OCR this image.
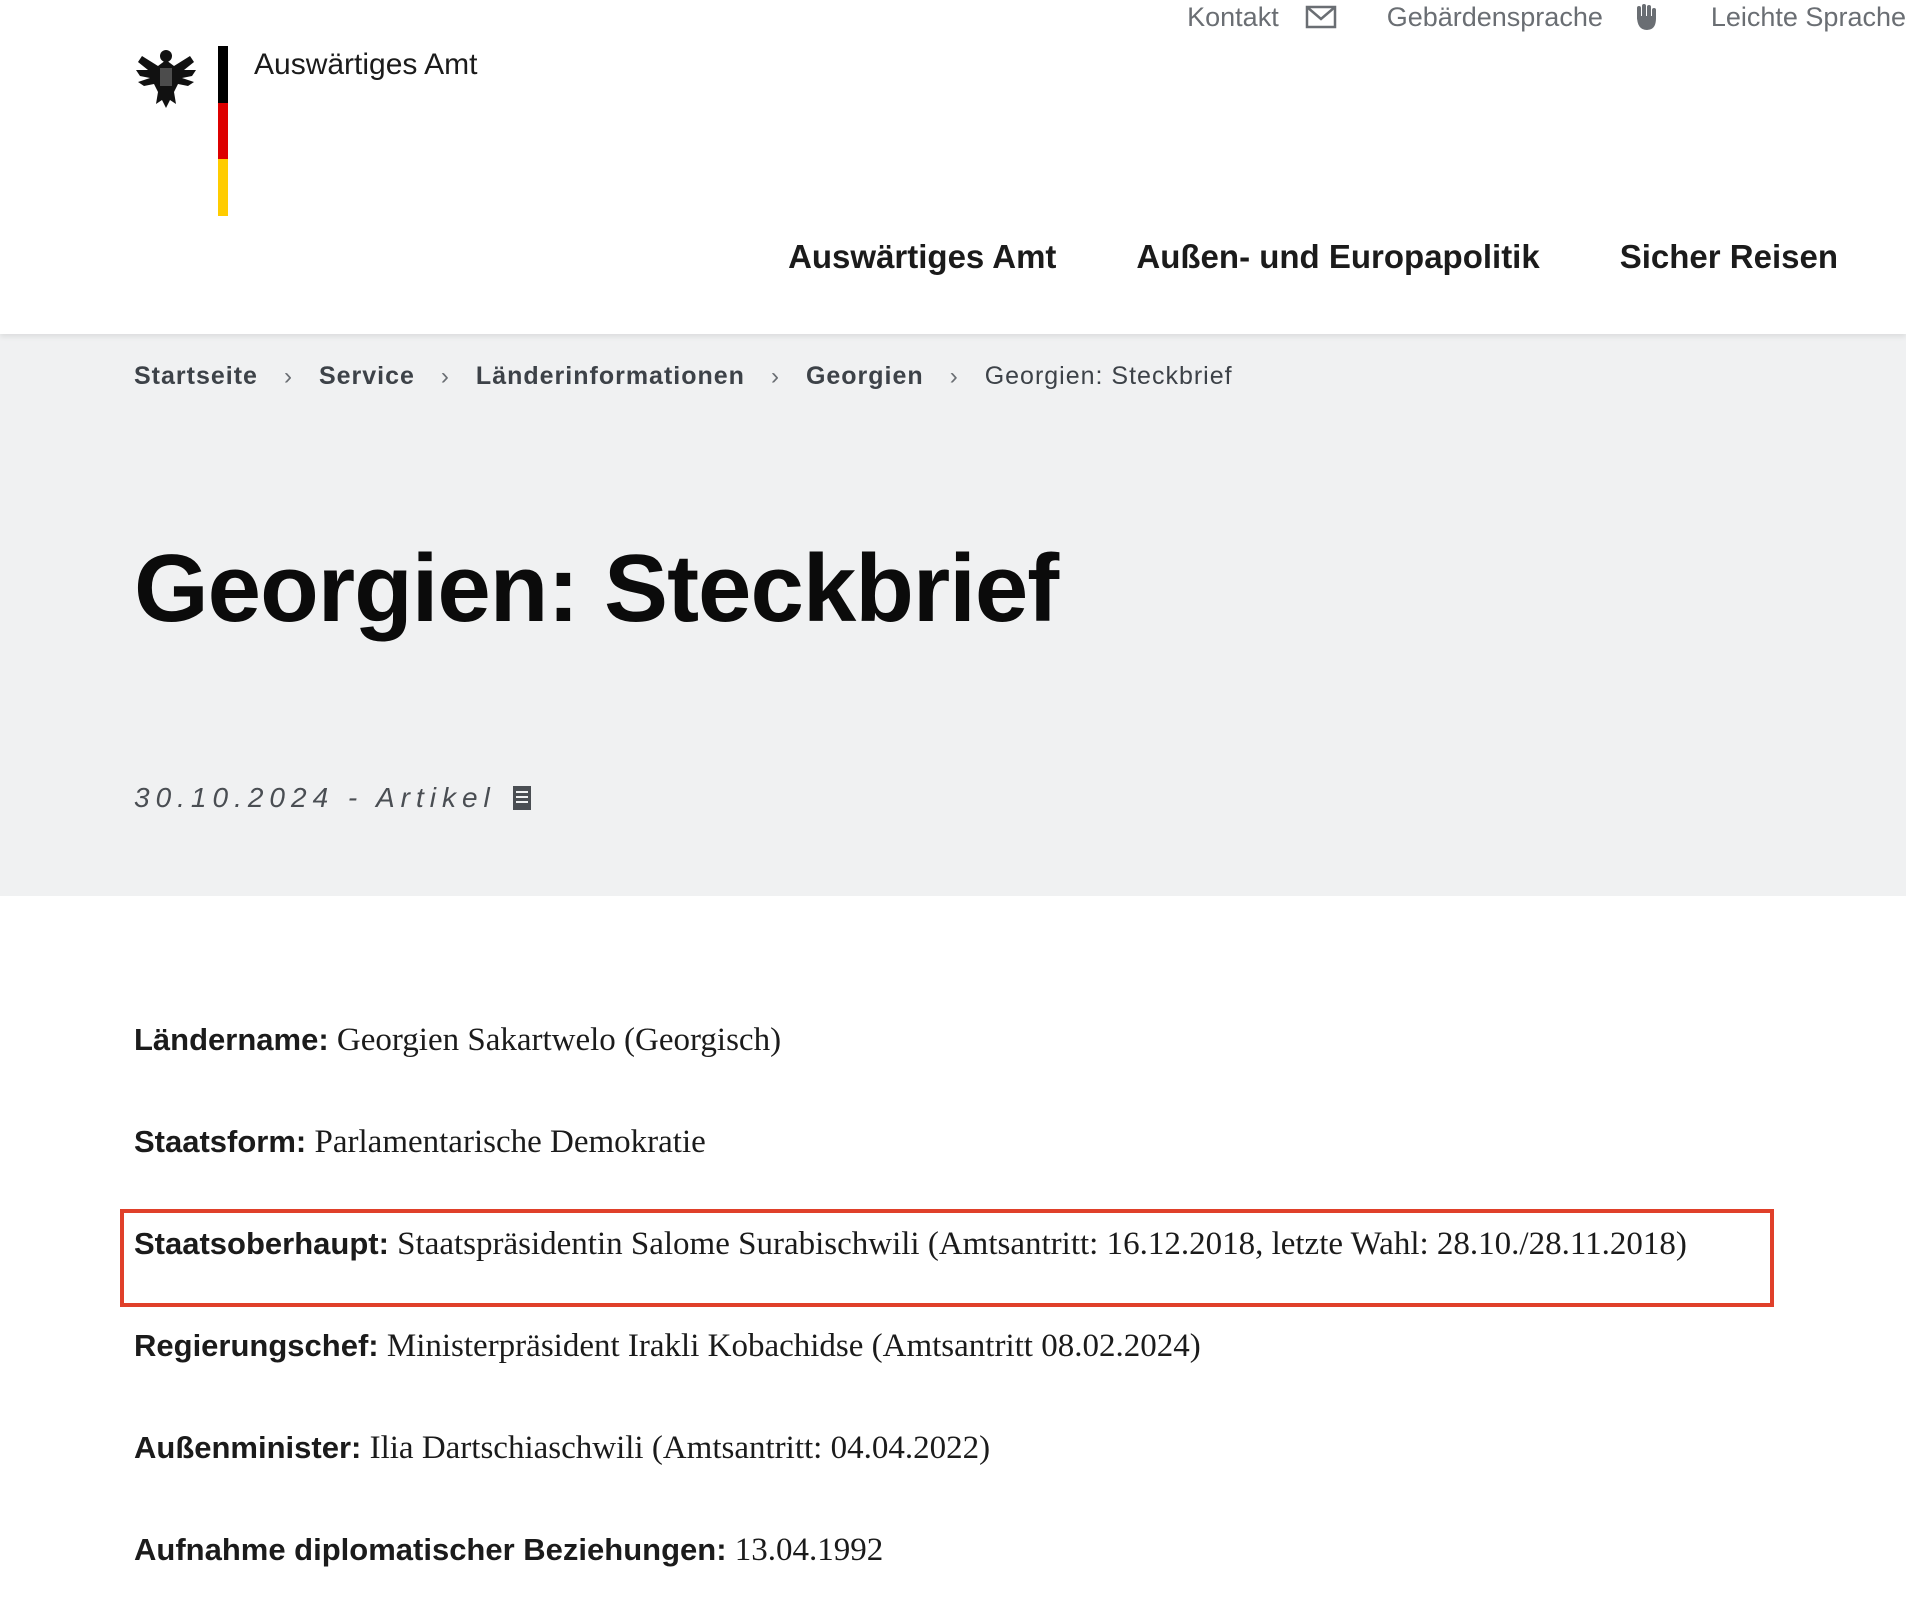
Kontakt	Gebärdensprache	Leichte Sprache
Auswärtiges Amt
Auswärtiges Amt Außen- und Europapolitik Sicher Reisen
Startseite › Service › Länderinformationen › Georgien › Georgien: Steckbrief
Georgien: Steckbrief
30.10.2024 - Artikel
Ländername: Georgien Sakartwelo (Georgisch)
Staatsform: Parlamentarische Demokratie
Staatsoberhaupt: Staatspräsidentin Salome Surabischwili (Amtsantritt: 16.12.2018, letzte Wahl: 28.10./28.11.2018)
Regierungschef: Ministerpräsident Irakli Kobachidse (Amtsantritt 08.02.2024)
Außenminister: Ilia Dartschiaschwili (Amtsantritt: 04.04.2022)
Aufnahme diplomatischer Beziehungen: 13.04.1992
